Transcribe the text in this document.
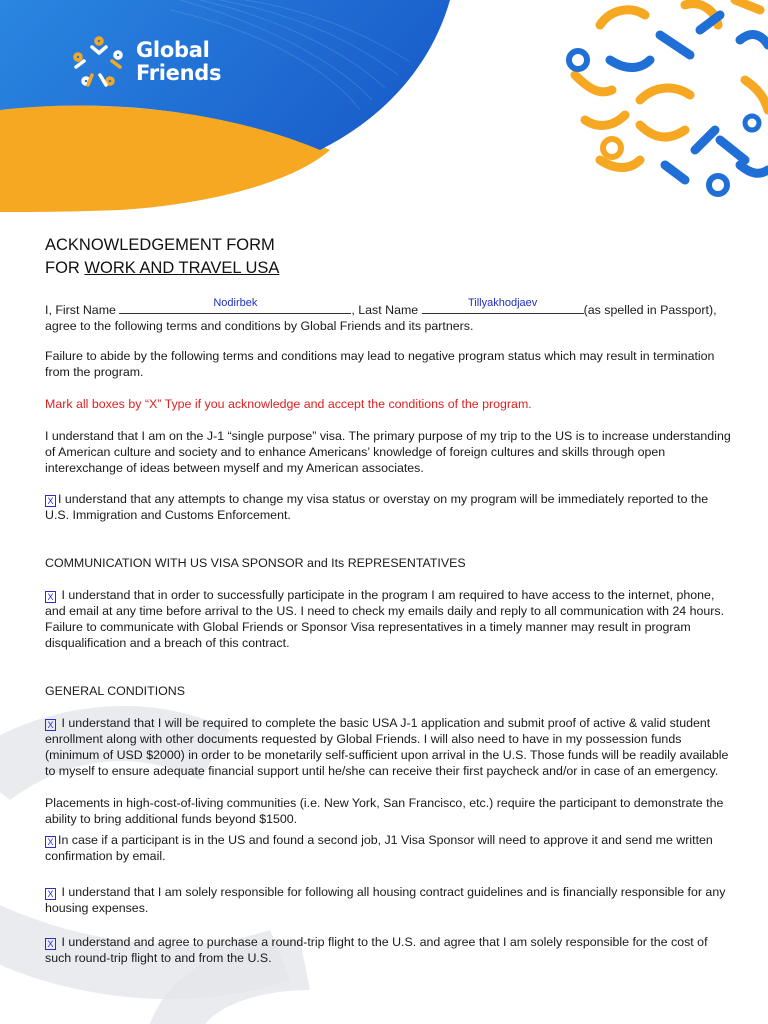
Global
Friends
ACKNOWLEDGEMENT FORM
FOR WORK AND TRAVEL USA
I, First Name	Nodirbek	, Last Name	Tillyakhodjaev	(as spelled in Passport),
agree to the following terms and conditions by Global Friends and its partners.
Failure to abide by the following terms and conditions may lead to negative program status which may result in termination from the program.
Mark all boxes by “X” Type if you acknowledge and accept the conditions of the program.
I understand that I am on the J-1 “single purpose” visa. The primary purpose of my trip to the US is to increase understanding of American culture and society and to enhance Americans’ knowledge of foreign cultures and skills through open interexchange of ideas between myself and my American associates.
X I understand that any attempts to change my visa status or overstay on my program will be immediately reported to the U.S. Immigration and Customs Enforcement.
COMMUNICATION WITH US VISA SPONSOR and Its REPRESENTATIVES
X I understand that in order to successfully participate in the program I am required to have access to the internet, phone, and email at any time before arrival to the US. I need to check my emails daily and reply to all communication with 24 hours. Failure to communicate with Global Friends or Sponsor Visa representatives in a timely manner may result in program disqualification and a breach of this contract.
GENERAL CONDITIONS
X I understand that I will be required to complete the basic USA J-1 application and submit proof of active & valid student enrollment along with other documents requested by Global Friends. I will also need to have in my possession funds (minimum of USD $2000) in order to be monetarily self-sufficient upon arrival in the U.S. Those funds will be readily available to myself to ensure adequate financial support until he/she can receive their first paycheck and/or in case of an emergency.
Placements in high-cost-of-living communities (i.e. New York, San Francisco, etc.) require the participant to demonstrate the ability to bring additional funds beyond $1500.
X In case if a participant is in the US and found a second job, J1 Visa Sponsor will need to approve it and send me written confirmation by email.
X I understand that I am solely responsible for following all housing contract guidelines and is financially responsible for any housing expenses.
X I understand and agree to purchase a round-trip flight to the U.S. and agree that I am solely responsible for the cost of such round-trip flight to and from the U.S.
